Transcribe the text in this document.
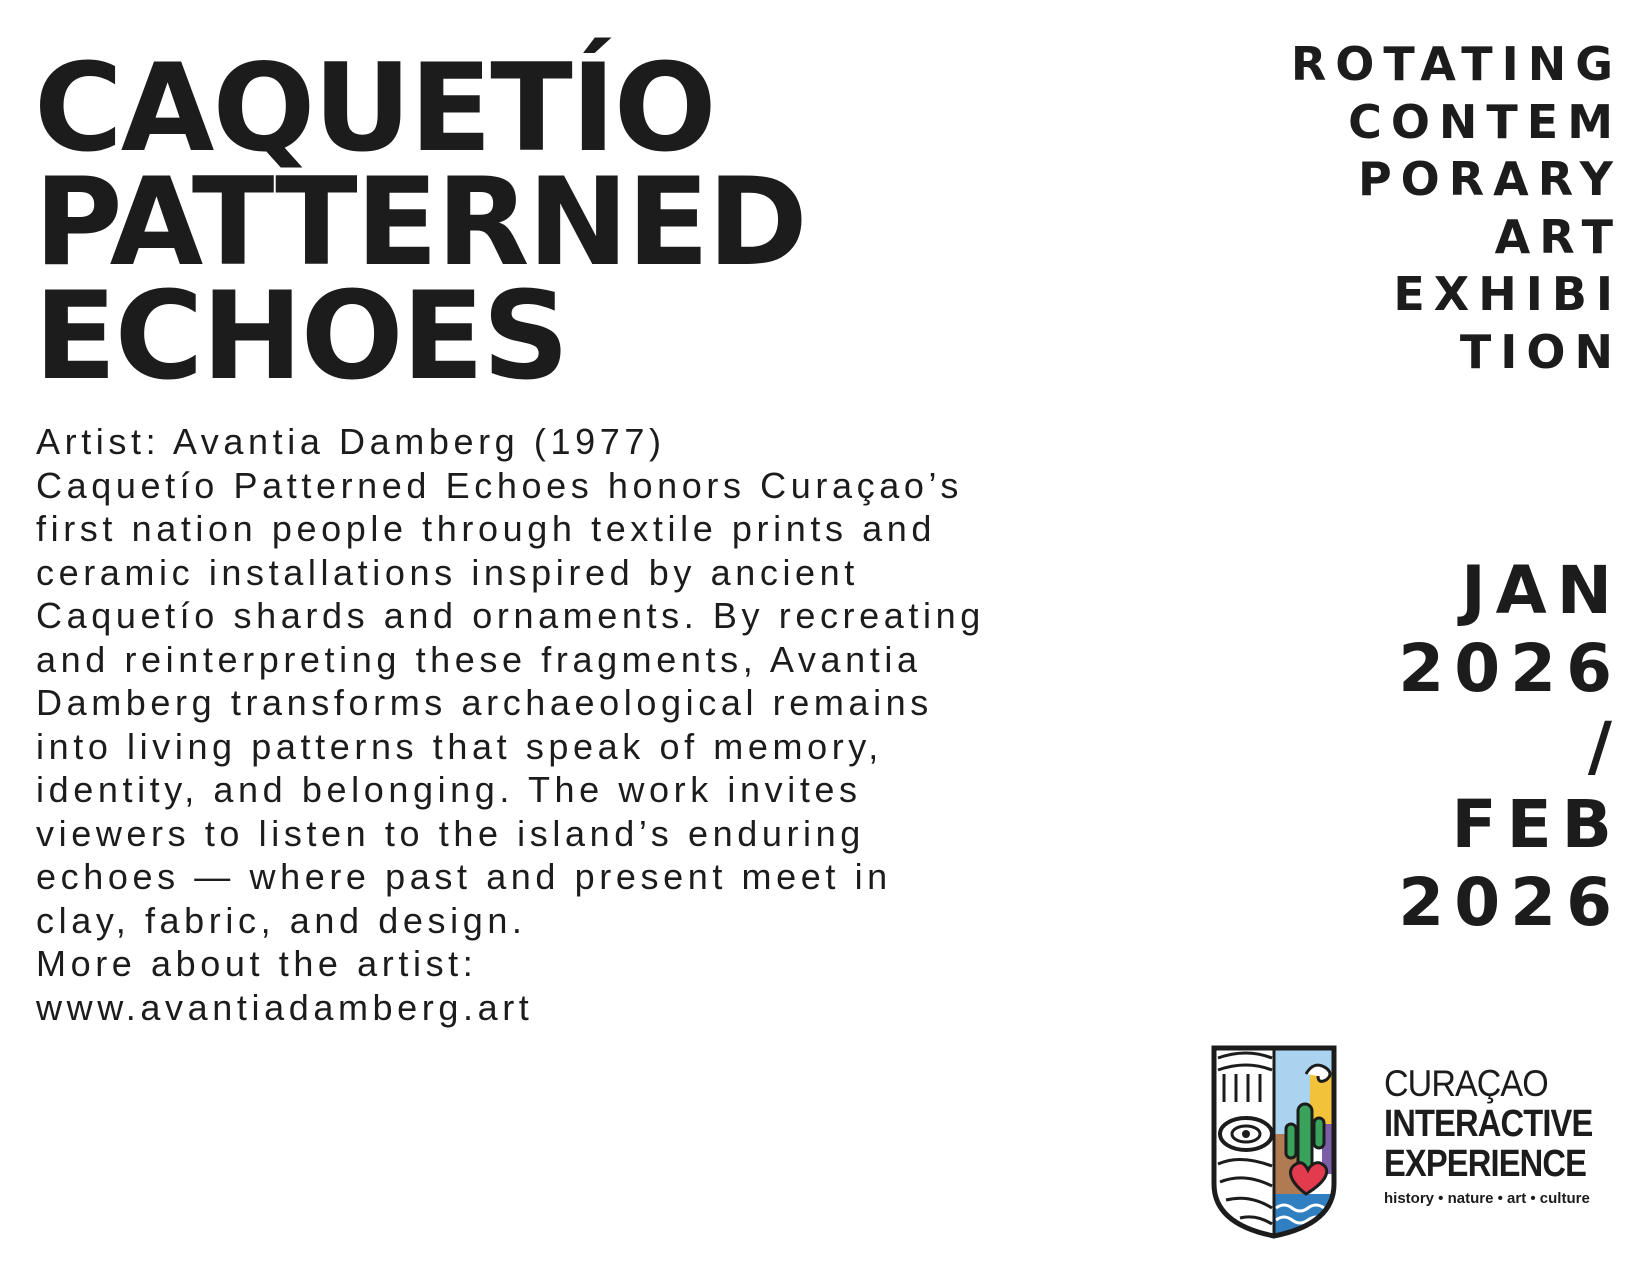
CAQUETÍO
PATTERNED
ECHOES
Artist: Avantia Damberg (1977)
Caquetío Patterned Echoes honors Curaçao’s
first nation people through textile prints and
ceramic installations inspired by ancient
Caquetío shards and ornaments. By recreating
and reinterpreting these fragments, Avantia
Damberg transforms archaeological remains
into living patterns that speak of memory,
identity, and belonging. The work invites
viewers to listen to the island’s enduring
echoes — where past and present meet in
clay, fabric, and design.
More about the artist:
www.avantiadamberg.art
ROTATING
CONTEM
PORARY
ART
EXHIBI
TION
JAN
2026
/
FEB
2026
CURAÇAO
INTERACTIVE
EXPERIENCE
history • nature • art • culture
